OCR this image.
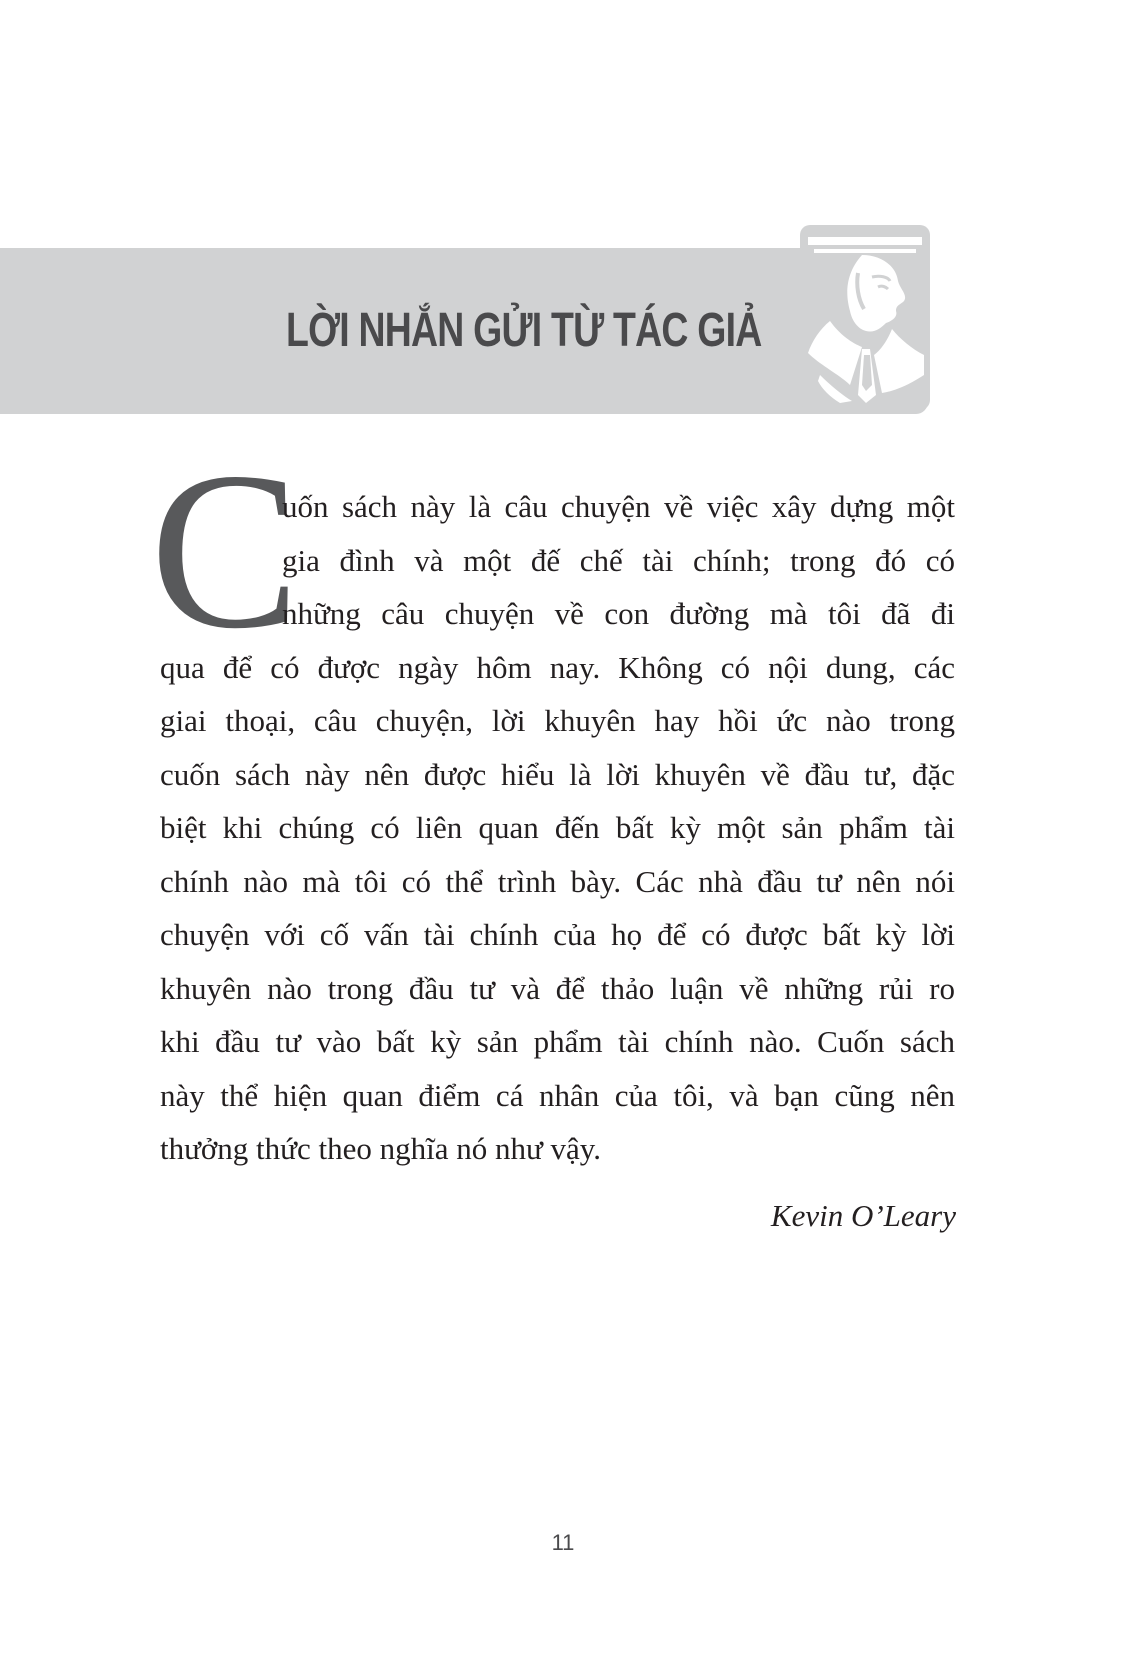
LỜI NHẮN GỬI TỪ TÁC GIẢ
C
uốn sách này là câu chuyện về việc xây dựng một
gia đình và một đế chế tài chính; trong đó có
những câu chuyện về con đường mà tôi đã đi
qua để có được ngày hôm nay. Không có nội dung, các
giai thoại, câu chuyện, lời khuyên hay hồi ức nào trong
cuốn sách này nên được hiểu là lời khuyên về đầu tư, đặc
biệt khi chúng có liên quan đến bất kỳ một sản phẩm tài
chính nào mà tôi có thể trình bày. Các nhà đầu tư nên nói
chuyện với cố vấn tài chính của họ để có được bất kỳ lời
khuyên nào trong đầu tư và để thảo luận về những rủi ro
khi đầu tư vào bất kỳ sản phẩm tài chính nào. Cuốn sách
này thể hiện quan điểm cá nhân của tôi, và bạn cũng nên
thưởng thức theo nghĩa nó như vậy.
Kevin O’Leary
11
